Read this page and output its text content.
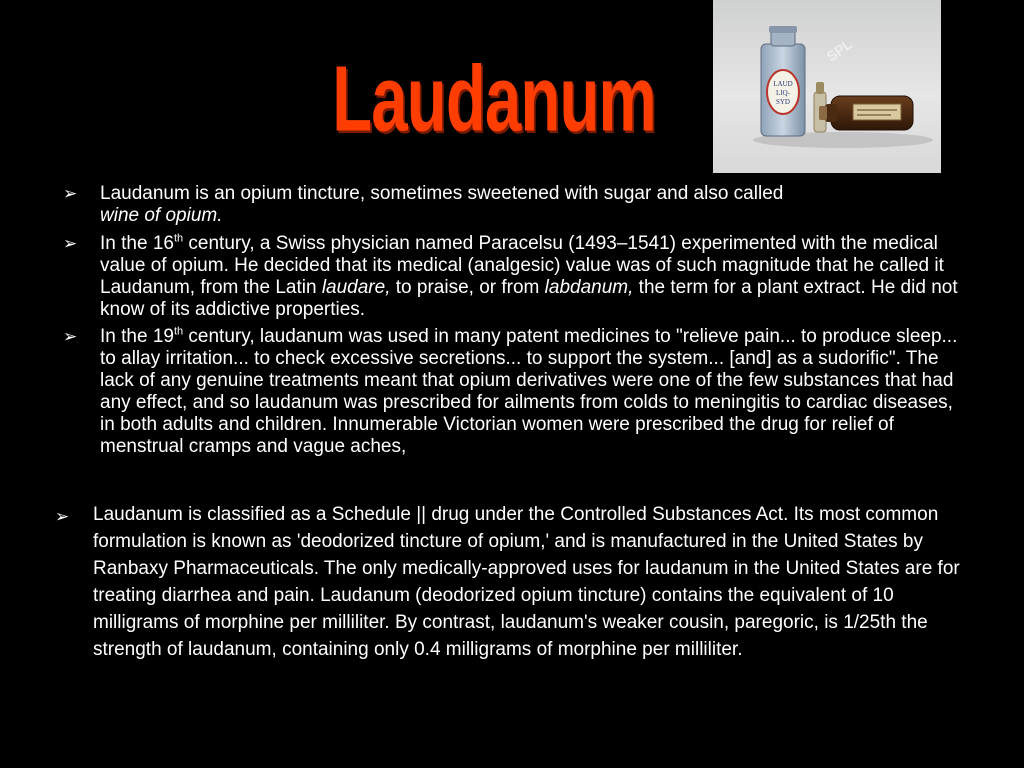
Laudanum	LAUD
LIQ-
SYD
SPL
➢	Laudanum is an opium tincture, sometimes sweetened with sugar and also called
wine of opium.
➢	In the 16th century, a Swiss physician named Paracelsu (1493–1541) experimented with the medical value of opium. He decided that its medical (analgesic) value was of such magnitude that he called it Laudanum, from the Latin laudare, to praise, or from labdanum, the term for a plant extract. He did not know of its addictive properties.
➢	In the 19th century, laudanum was used in many patent medicines to "relieve pain... to produce sleep... to allay irritation... to check excessive secretions... to support the system... [and] as a sudorific". The lack of any genuine treatments meant that opium derivatives were one of the few substances that had any effect, and so laudanum was prescribed for ailments from colds to meningitis to cardiac diseases, in both adults and children. Innumerable Victorian women were prescribed the drug for relief of menstrual cramps and vague aches,
➢	Laudanum is classified as a Schedule || drug under the Controlled Substances Act. Its most common formulation is known as 'deodorized tincture of opium,' and is manufactured in the United States by Ranbaxy Pharmaceuticals. The only medically-approved uses for laudanum in the United States are for treating diarrhea and pain. Laudanum (deodorized opium tincture) contains the equivalent of 10 milligrams of morphine per milliliter. By contrast, laudanum's weaker cousin, paregoric, is 1/25th the strength of laudanum, containing only 0.4 milligrams of morphine per milliliter.
